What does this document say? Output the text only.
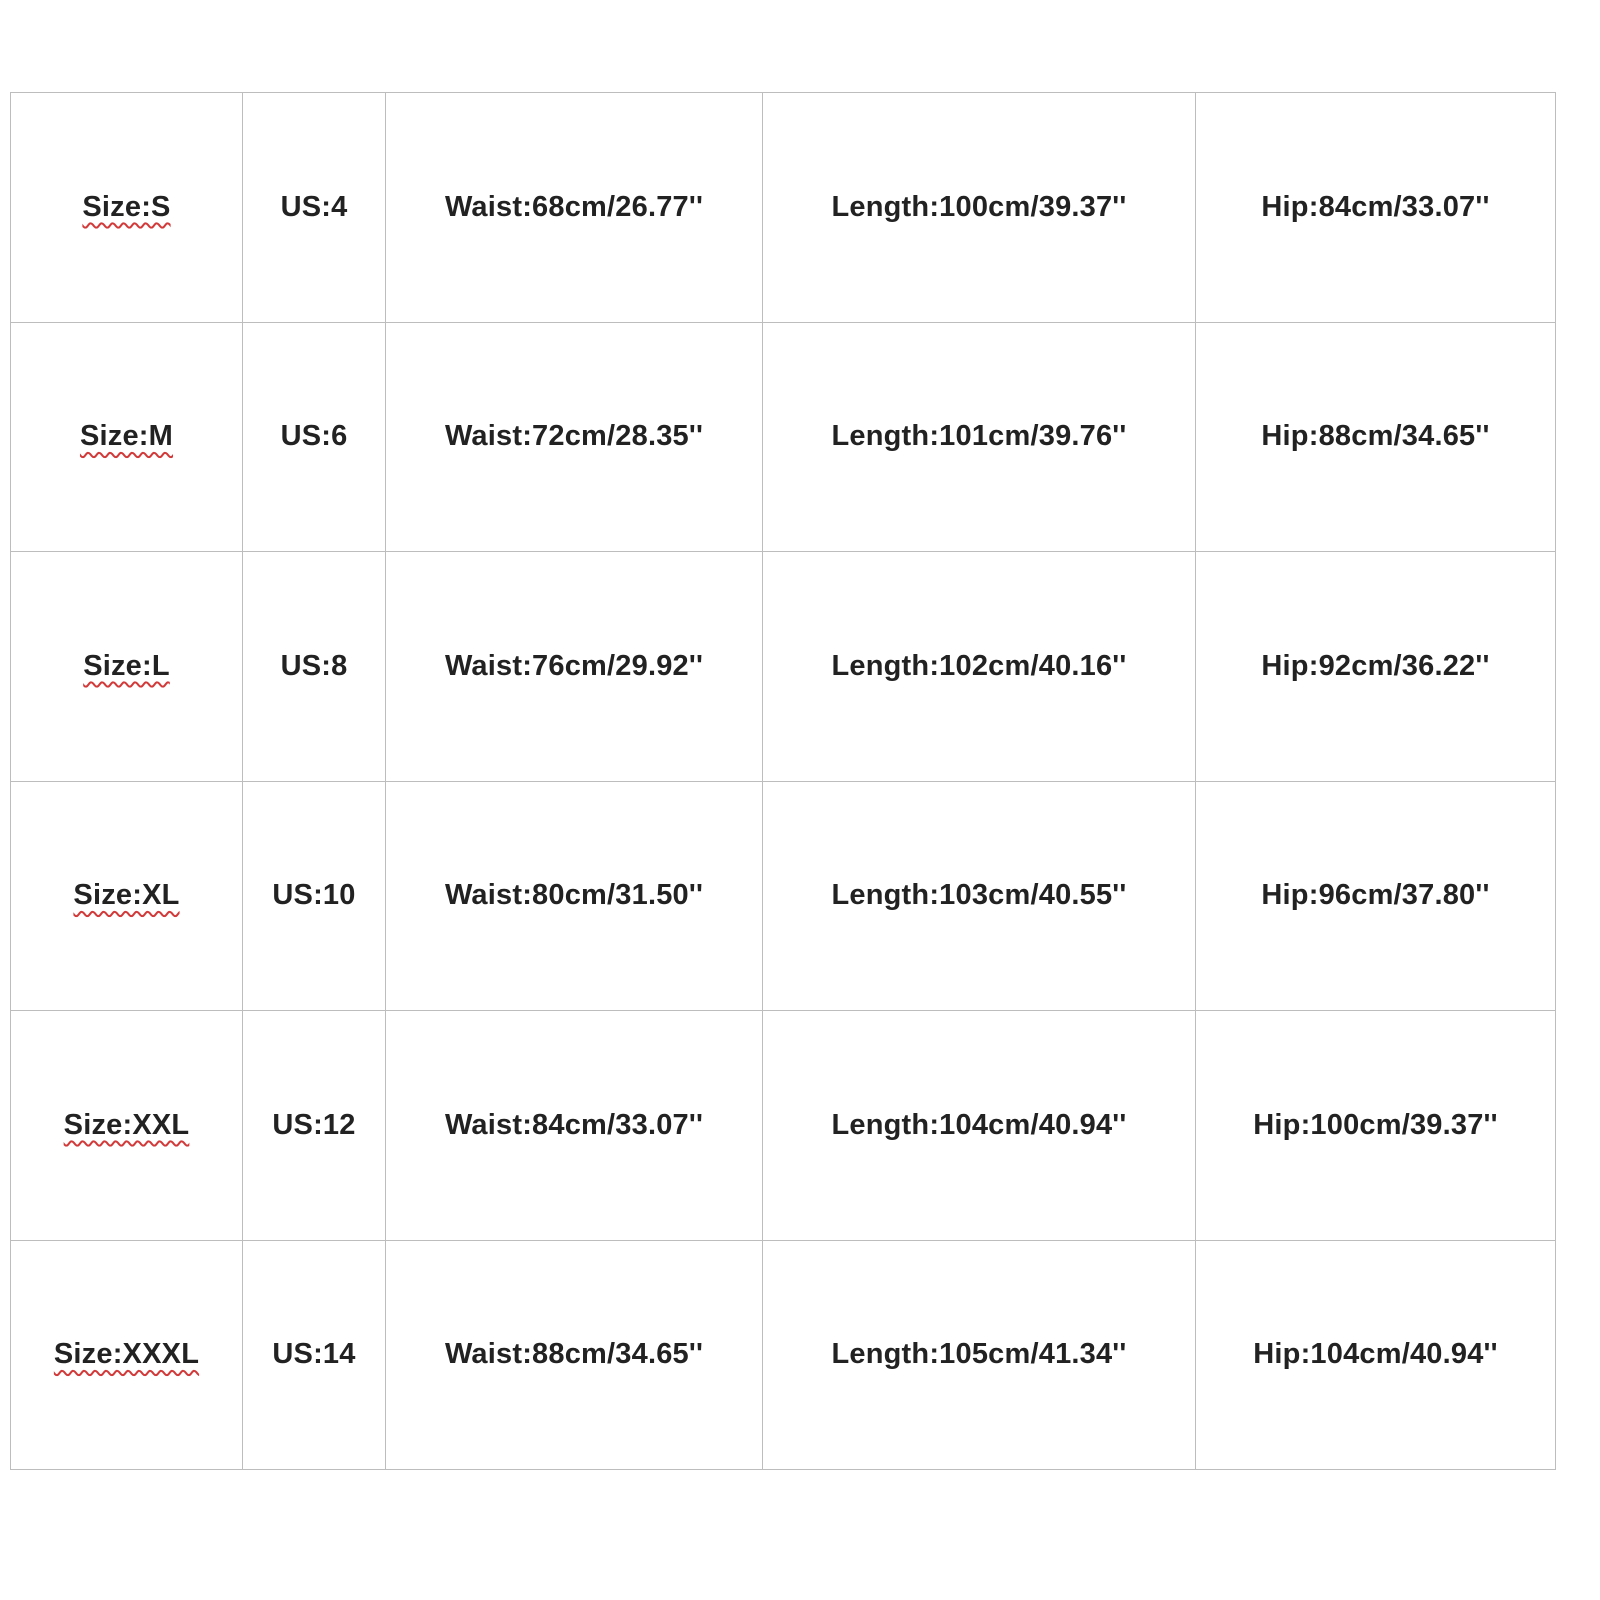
Size:S	US:4	Waist:68cm/26.77''	Length:100cm/39.37''	Hip:84cm/33.07''
Size:M	US:6	Waist:72cm/28.35''	Length:101cm/39.76''	Hip:88cm/34.65''
Size:L	US:8	Waist:76cm/29.92''	Length:102cm/40.16''	Hip:92cm/36.22''
Size:XL	US:10	Waist:80cm/31.50''	Length:103cm/40.55''	Hip:96cm/37.80''
Size:XXL	US:12	Waist:84cm/33.07''	Length:104cm/40.94''	Hip:100cm/39.37''
Size:XXXL	US:14	Waist:88cm/34.65''	Length:105cm/41.34''	Hip:104cm/40.94''
